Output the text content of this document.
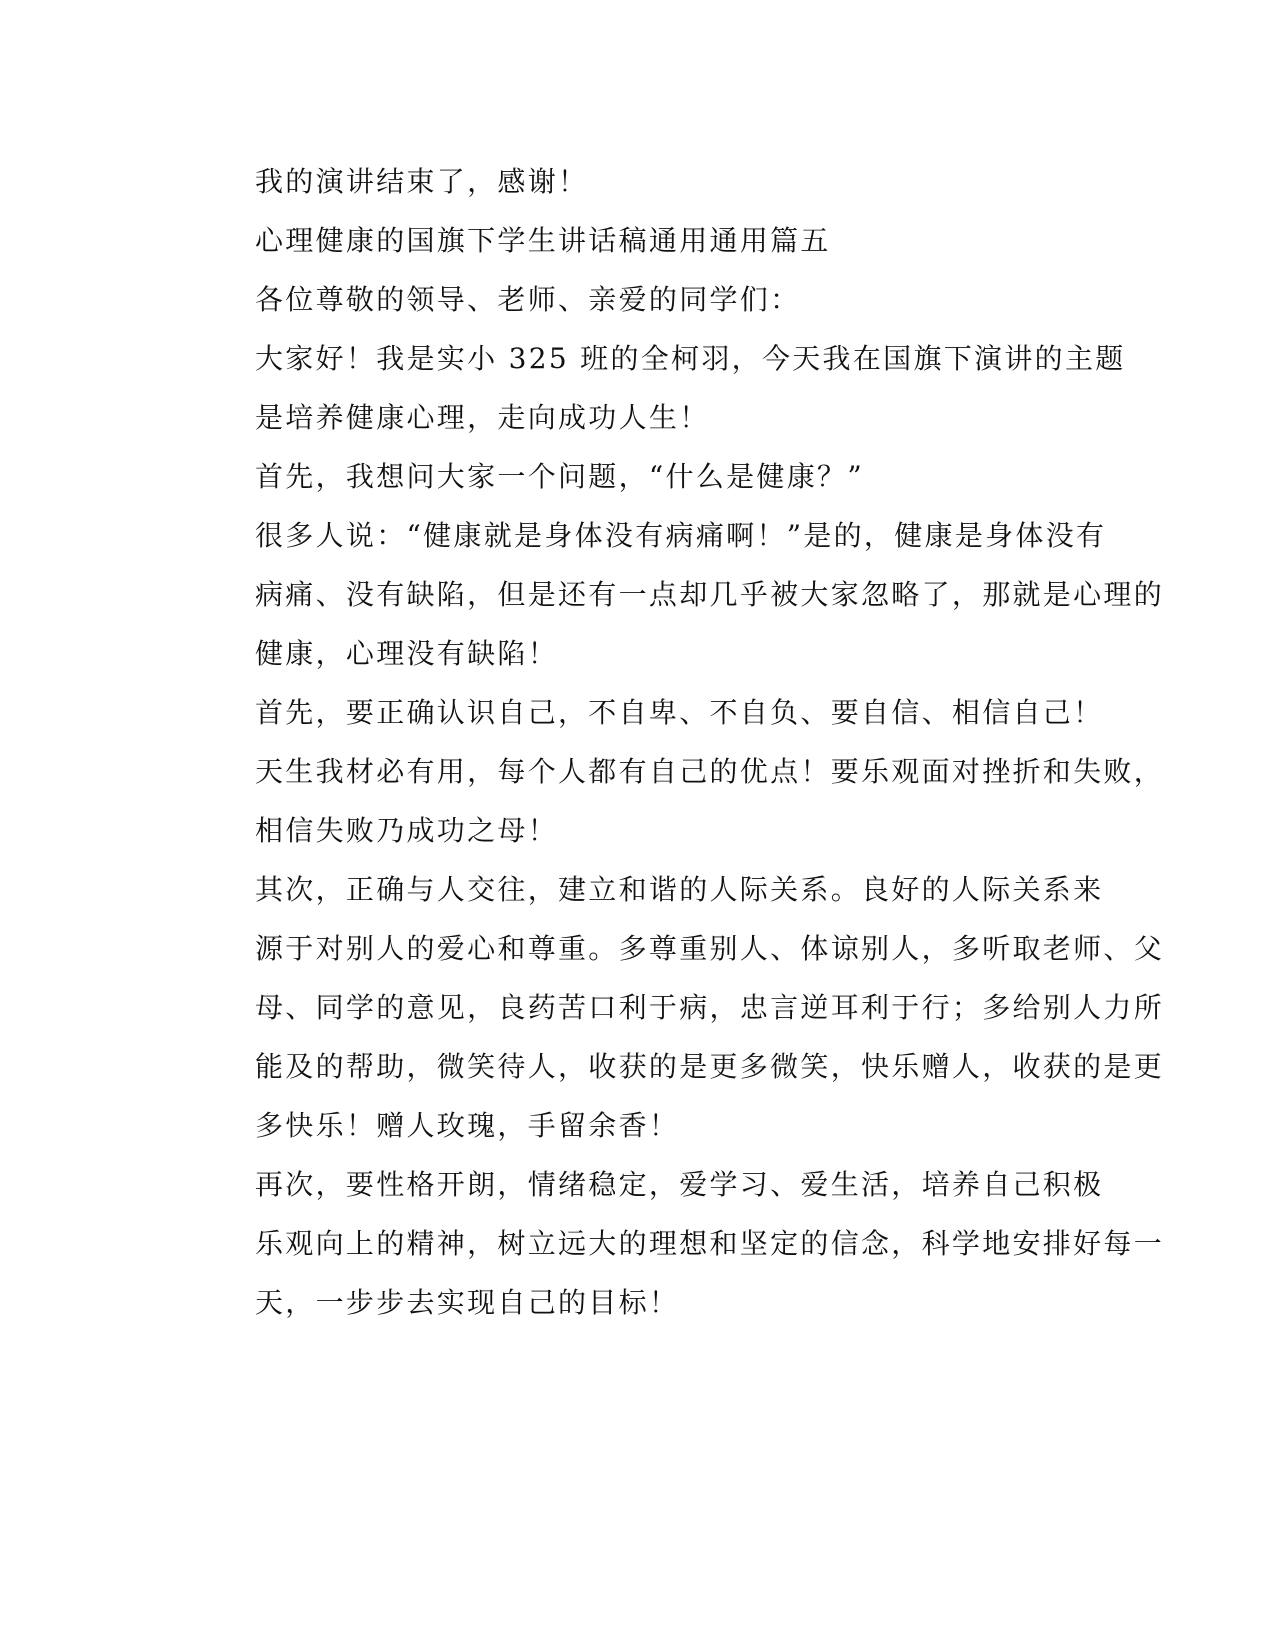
我的演讲结束了，感谢！

心理健康的国旗下学生讲话稿通用通用篇五

各位尊敬的领导、老师、亲爱的同学们：

大家好！我是实小 325 班的全柯羽，今天我在国旗下演讲的主题
是培养健康心理，走向成功人生！

首先，我想问大家一个问题，“什么是健康？”

很多人说：“健康就是身体没有病痛啊！”是的，健康是身体没有
病痛、没有缺陷，但是还有一点却几乎被大家忽略了，那就是心理的
健康，心理没有缺陷！

首先，要正确认识自己，不自卑、不自负、要自信、相信自己！
天生我材必有用，每个人都有自己的优点！要乐观面对挫折和失败，
相信失败乃成功之母！

其次，正确与人交往，建立和谐的人际关系。良好的人际关系来
源于对别人的爱心和尊重。多尊重别人、体谅别人，多听取老师、父
母、同学的意见，良药苦口利于病，忠言逆耳利于行；多给别人力所
能及的帮助，微笑待人，收获的是更多微笑，快乐赠人，收获的是更
多快乐！赠人玫瑰，手留余香！

再次，要性格开朗，情绪稳定，爱学习、爱生活，培养自己积极
乐观向上的精神，树立远大的理想和坚定的信念，科学地安排好每一
天，一步步去实现自己的目标！
